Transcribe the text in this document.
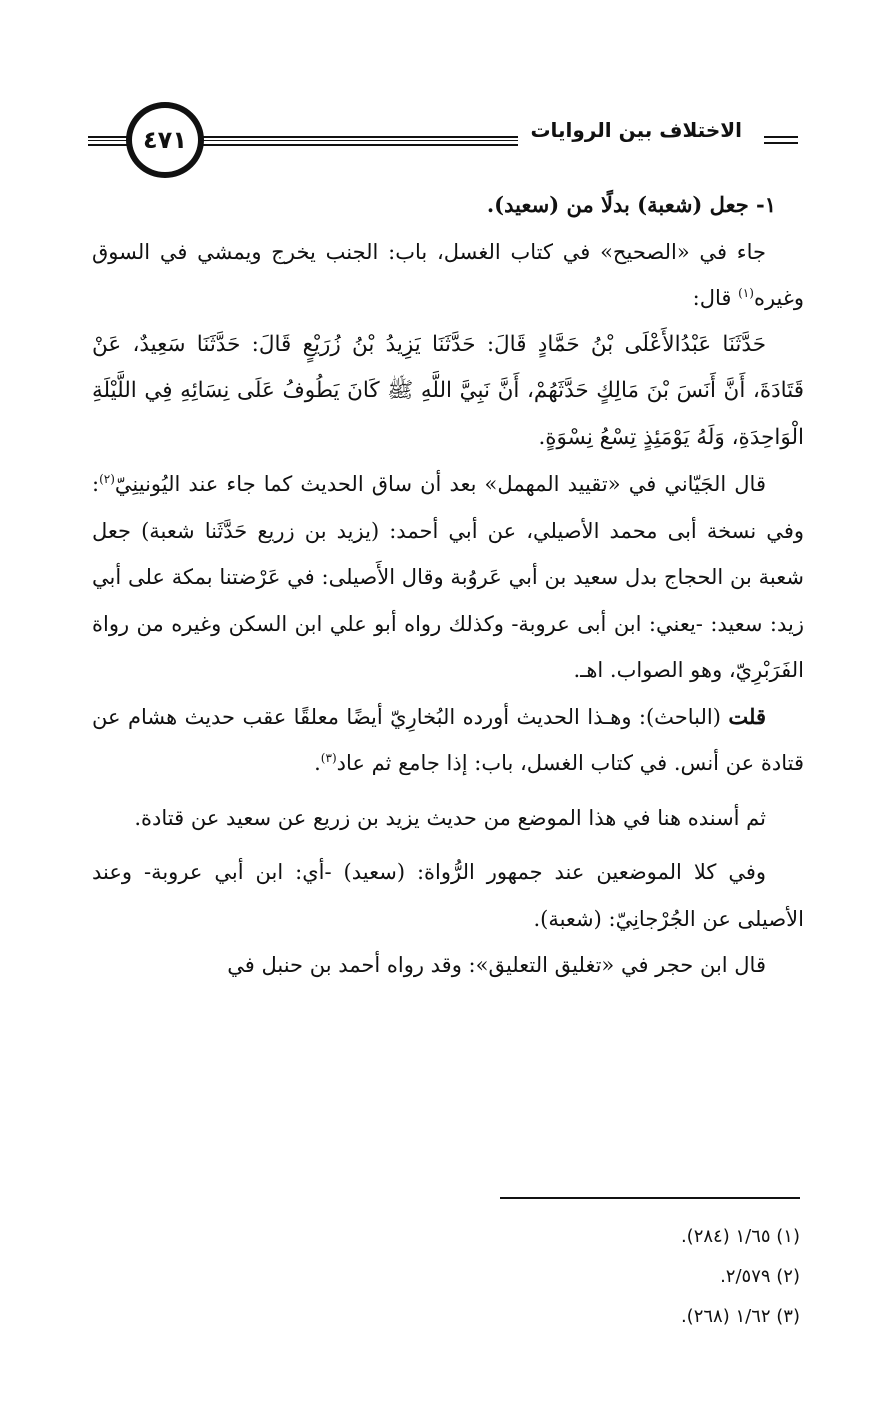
الاختلاف بين الروايات
٤٧١

١- جعل (شعبة) بدلًا من (سعيد).

جاء في «الصحيح» في كتاب الغسل، باب: الجنب يخرج ويمشي في السوق وغيره$^{(١)}$ قال:

حَدَّثَنَا عَبْدُالأَعْلَى بْنُ حَمَّادٍ قَالَ: حَدَّثَنَا يَزِيدُ بْنُ زُرَيْعٍ قَالَ: حَدَّثَنَا سَعِيدٌ، عَنْ قَتَادَةَ، أَنَّ أَنَسَ بْنَ مَالِكٍ حَدَّثَهُمْ، أَنَّ نَبِيَّ اللَّهِ ﷺ كَانَ يَطُوفُ عَلَى نِسَائِهِ فِي اللَّيْلَةِ الْوَاحِدَةِ، وَلَهُ يَوْمَئِذٍ تِسْعُ نِسْوَةٍ.

قال الجَيّاني في «تقييد المهمل» بعد أن ساق الحديث كما جاء عند اليُونينِيّ$^{(٢)}$: وفي نسخة أبى محمد الأصيلي، عن أبي أحمد: (يزيد بن زريع حَدَّثَنا شعبة) جعل شعبة بن الحجاج بدل سعيد بن أبي عَروُبة وقال الأَصيلى: في عَرْضتنا بمكة على أبي زيد: سعيد: -يعني: ابن أبى عروبة- وكذلك رواه أبو علي ابن السكن وغيره من رواة الفَرَبْرِيّ، وهو الصواب. اهـ.

قلت (الباحث): وهـذا الحديث أورده البُخارِيّ أيضًا معلقًا عقب حديث هشام عن قتادة عن أنس. في كتاب الغسل، باب: إذا جامع ثم عاد$^{(٣)}$.

ثم أسنده هنا في هذا الموضع من حديث يزيد بن زريع عن سعيد عن قتادة.

وفي كلا الموضعين عند جمهور الرُّواة: (سعيد) -أي: ابن أبي عروبة- وعند الأصيلى عن الجُرْجانِيّ: (شعبة).

قال ابن حجر في «تغليق التعليق»: وقد رواه أحمد بن حنبل في

(١) ١/٦٥ (٢٨٤).
(٢) ٢/٥٧٩.
(٣) ١/٦٢ (٢٦٨).
